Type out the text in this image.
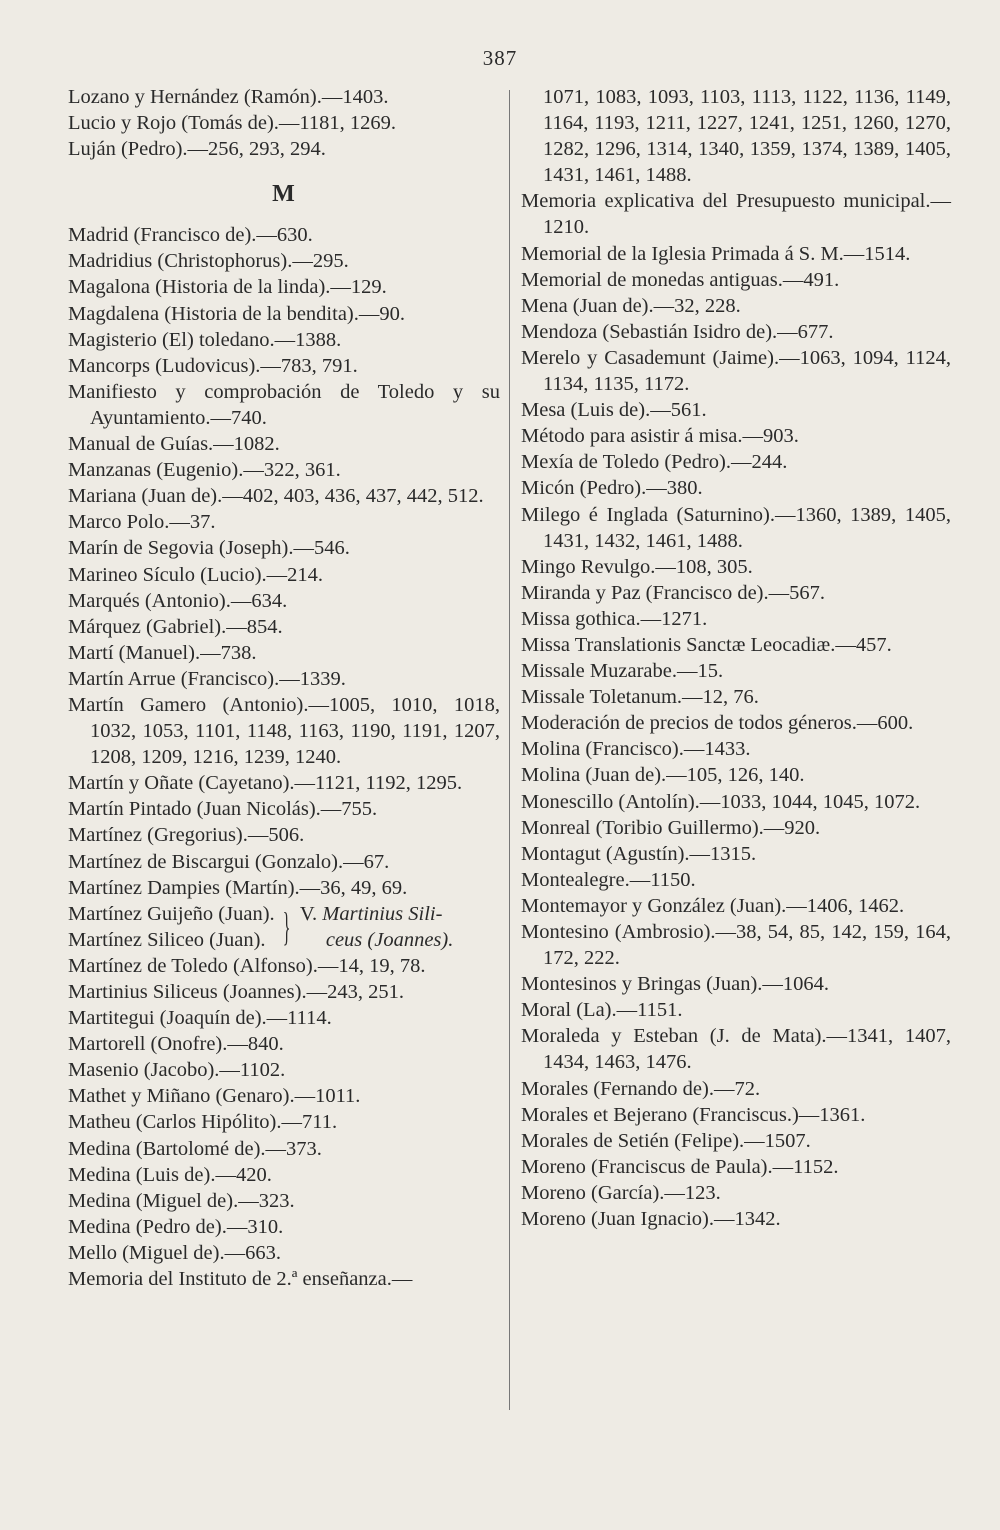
387
Lozano y Hernández (Ramón).—1403.
Lucio y Rojo (Tomás de).—1181, 1269.
Luján (Pedro).—256, 293, 294.
M
Madrid (Francisco de).—630.
Madridius (Christophorus).—295.
Magalona (Historia de la linda).—129.
Magdalena (Historia de la bendita).—90.
Magisterio (El) toledano.—1388.
Mancorps (Ludovicus).—783, 791.
Manifiesto y comprobación de Toledo y su Ayuntamiento.—740.
Manual de Guías.—1082.
Manzanas (Eugenio).—322, 361.
Mariana (Juan de).—402, 403, 436, 437, 442, 512.
Marco Polo.—37.
Marín de Segovia (Joseph).—546.
Marineo Sículo (Lucio).—214.
Marqués (Antonio).—634.
Márquez (Gabriel).—854.
Martí (Manuel).—738.
Martín Arrue (Francisco).—1339.
Martín Gamero (Antonio).—1005, 1010, 1018, 1032, 1053, 1101, 1148, 1163, 1190, 1191, 1207, 1208, 1209, 1216, 1239, 1240.
Martín y Oñate (Cayetano).—1121, 1192, 1295.
Martín Pintado (Juan Nicolás).—755.
Martínez (Gregorius).—506.
Martínez de Biscargui (Gonzalo).—67.
Martínez Dampies (Martín).—36, 49, 69.
Martínez Guijeño (Juan).
Martínez Siliceo (Juan). } V. Martinius Sili-
ceus (Joannes).
Martínez de Toledo (Alfonso).—14, 19, 78.
Martinius Siliceus (Joannes).—243, 251.
Martitegui (Joaquín de).—1114.
Martorell (Onofre).—840.
Masenio (Jacobo).—1102.
Mathet y Miñano (Genaro).—1011.
Matheu (Carlos Hipólito).—711.
Medina (Bartolomé de).—373.
Medina (Luis de).—420.
Medina (Miguel de).—323.
Medina (Pedro de).—310.
Mello (Miguel de).—663.
Memoria del Instituto de 2.ª enseñanza.—
1071, 1083, 1093, 1103, 1113, 1122, 1136, 1149, 1164, 1193, 1211, 1227, 1241, 1251, 1260, 1270, 1282, 1296, 1314, 1340, 1359, 1374, 1389, 1405, 1431, 1461, 1488.
Memoria explicativa del Presupuesto municipal.—1210.
Memorial de la Iglesia Primada á S. M.—1514.
Memorial de monedas antiguas.—491.
Mena (Juan de).—32, 228.
Mendoza (Sebastián Isidro de).—677.
Merelo y Casademunt (Jaime).—1063, 1094, 1124, 1134, 1135, 1172.
Mesa (Luis de).—561.
Método para asistir á misa.—903.
Mexía de Toledo (Pedro).—244.
Micón (Pedro).—380.
Milego é Inglada (Saturnino).—1360, 1389, 1405, 1431, 1432, 1461, 1488.
Mingo Revulgo.—108, 305.
Miranda y Paz (Francisco de).—567.
Missa gothica.—1271.
Missa Translationis Sanctæ Leocadiæ.—457.
Missale Muzarabe.—15.
Missale Toletanum.—12, 76.
Moderación de precios de todos géneros.—600.
Molina (Francisco).—1433.
Molina (Juan de).—105, 126, 140.
Monescillo (Antolín).—1033, 1044, 1045, 1072.
Monreal (Toribio Guillermo).—920.
Montagut (Agustín).—1315.
Montealegre.—1150.
Montemayor y González (Juan).—1406, 1462.
Montesino (Ambrosio).—38, 54, 85, 142, 159, 164, 172, 222.
Montesinos y Bringas (Juan).—1064.
Moral (La).—1151.
Moraleda y Esteban (J. de Mata).—1341, 1407, 1434, 1463, 1476.
Morales (Fernando de).—72.
Morales et Bejerano (Franciscus.)—1361.
Morales de Setién (Felipe).—1507.
Moreno (Franciscus de Paula).—1152.
Moreno (García).—123.
Moreno (Juan Ignacio).—1342.
